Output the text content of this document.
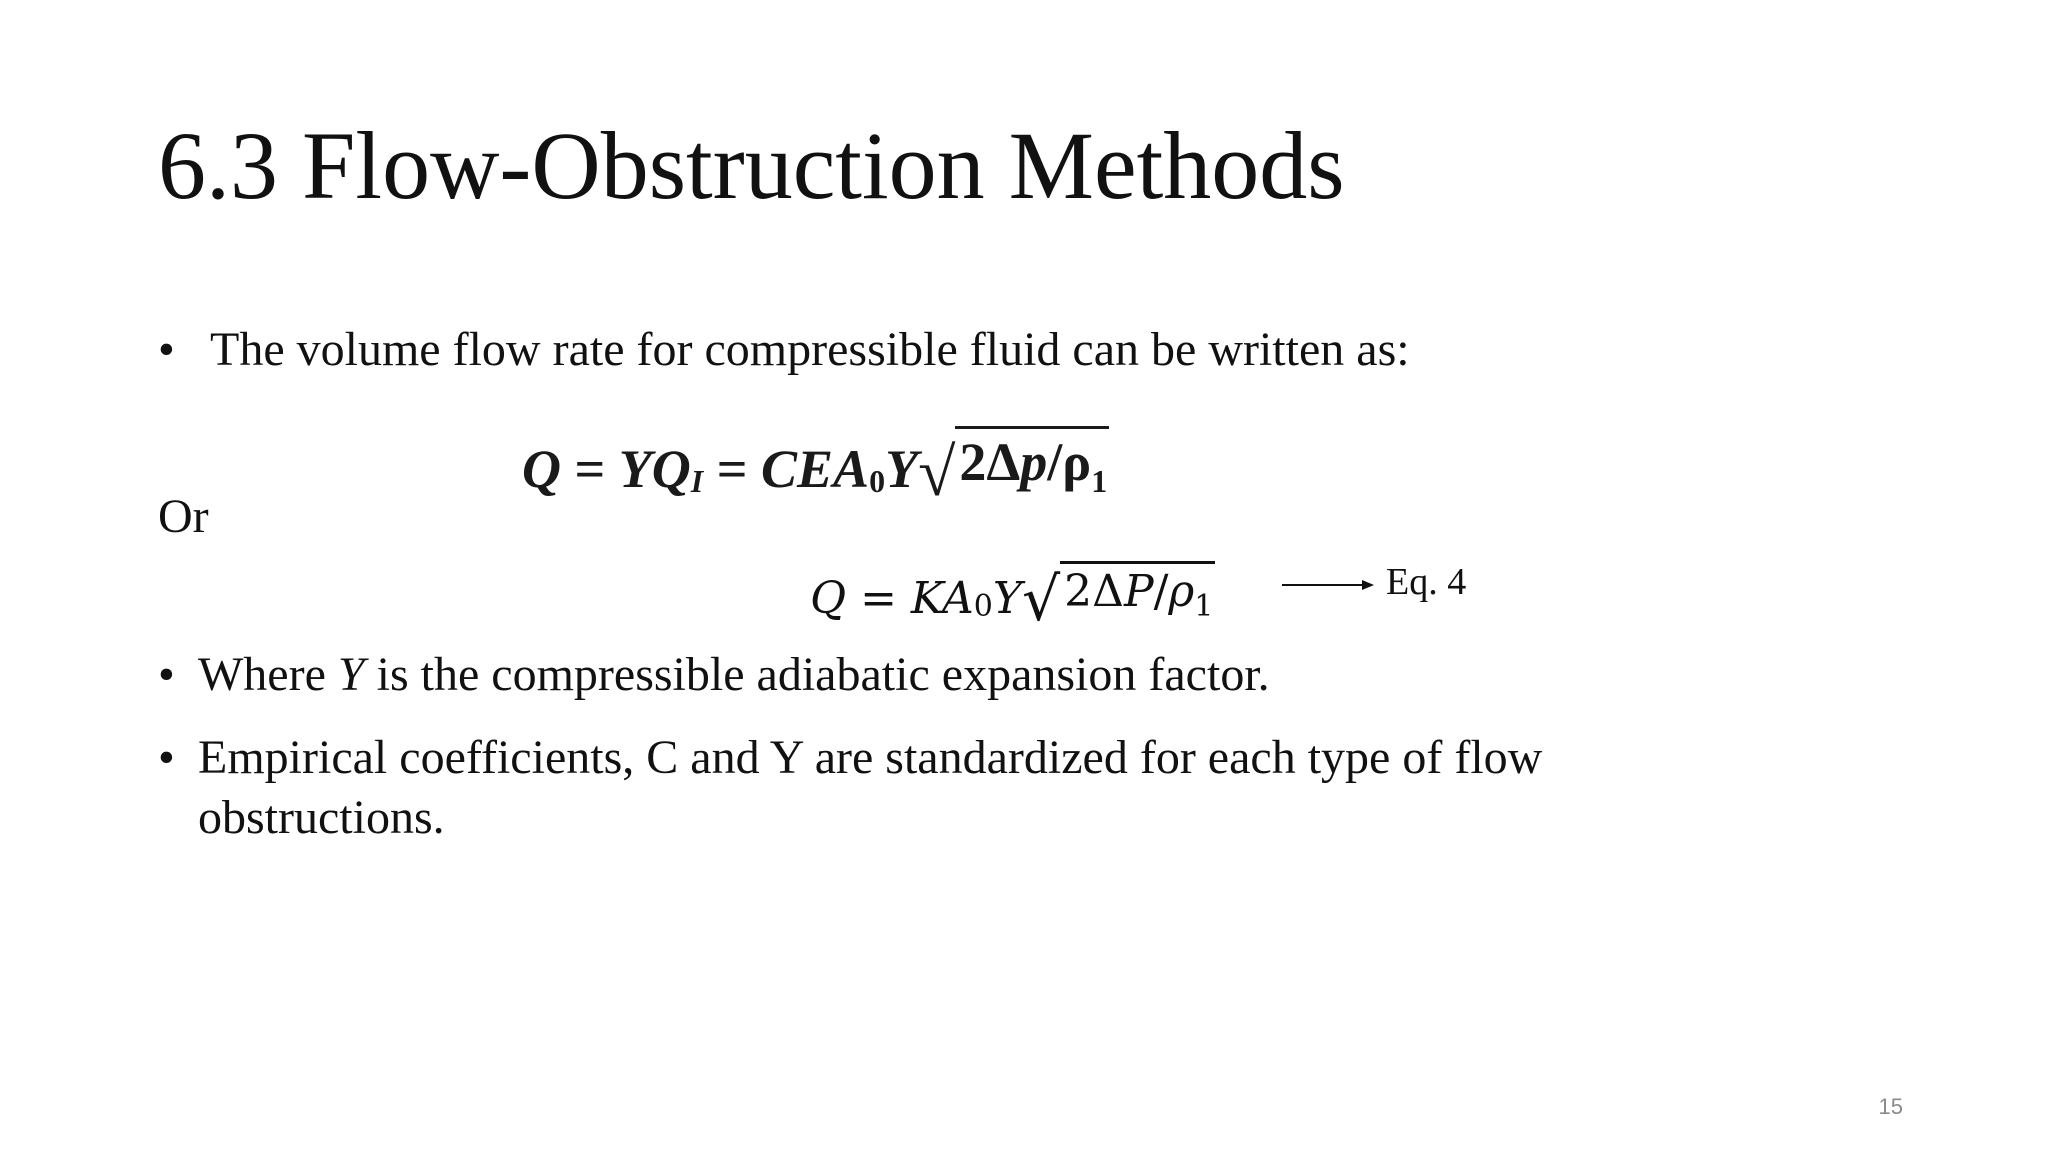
6.3 Flow-Obstruction Methods
• The volume flow rate for compressible fluid can be written as:
Q = Y $Q_I = CEA_0$ Y √ $2\Delta p/\rho_1$
Or
Q = KA 0 Y √ $2\Delta P/\rho_1$
Eq. 4
• Where Y is the compressible adiabatic expansion factor.
• Empirical coefficients, C and Y are standardized for each type of flow obstructions.
15
